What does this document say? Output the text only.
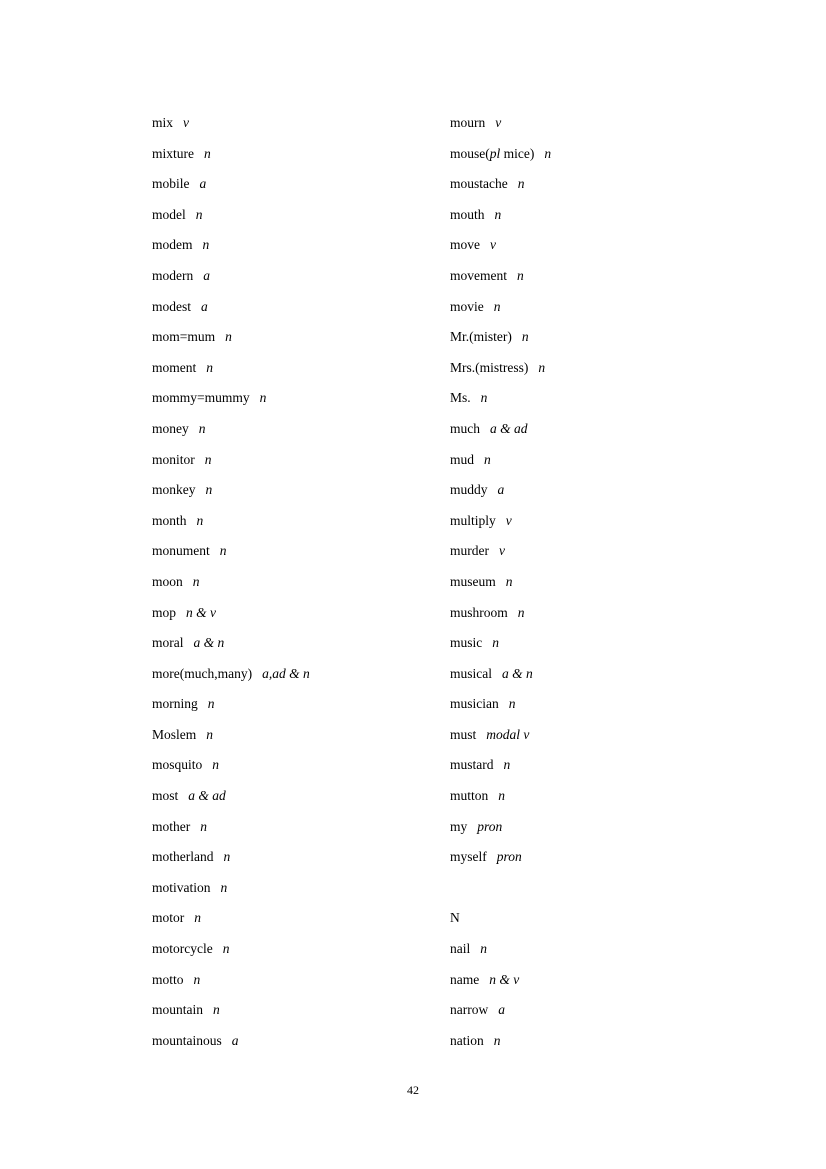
mix v
mixture n
mobile a
model n
modem n
modern a
modest a
mom=mum n
moment n
mommy=mummy n
money n
monitor n
monkey n
month n
monument n
moon n
mop n & v
moral a & n
more(much,many) a,ad & n
morning n
Moslem n
mosquito n
most a & ad
mother n
motherland n
motivation n
motor n
motorcycle n
motto n
mountain n
mountainous a
mourn v
mouse(pl mice) n
moustache n
mouth n
move v
movement n
movie n
Mr.(mister) n
Mrs.(mistress) n
Ms. n
much a & ad
mud n
muddy a
multiply v
murder v
museum n
mushroom n
music n
musical a & n
musician n
must modal v
mustard n
mutton n
my pron
myself pron
N
nail n
name n & v
narrow a
nation n
42
